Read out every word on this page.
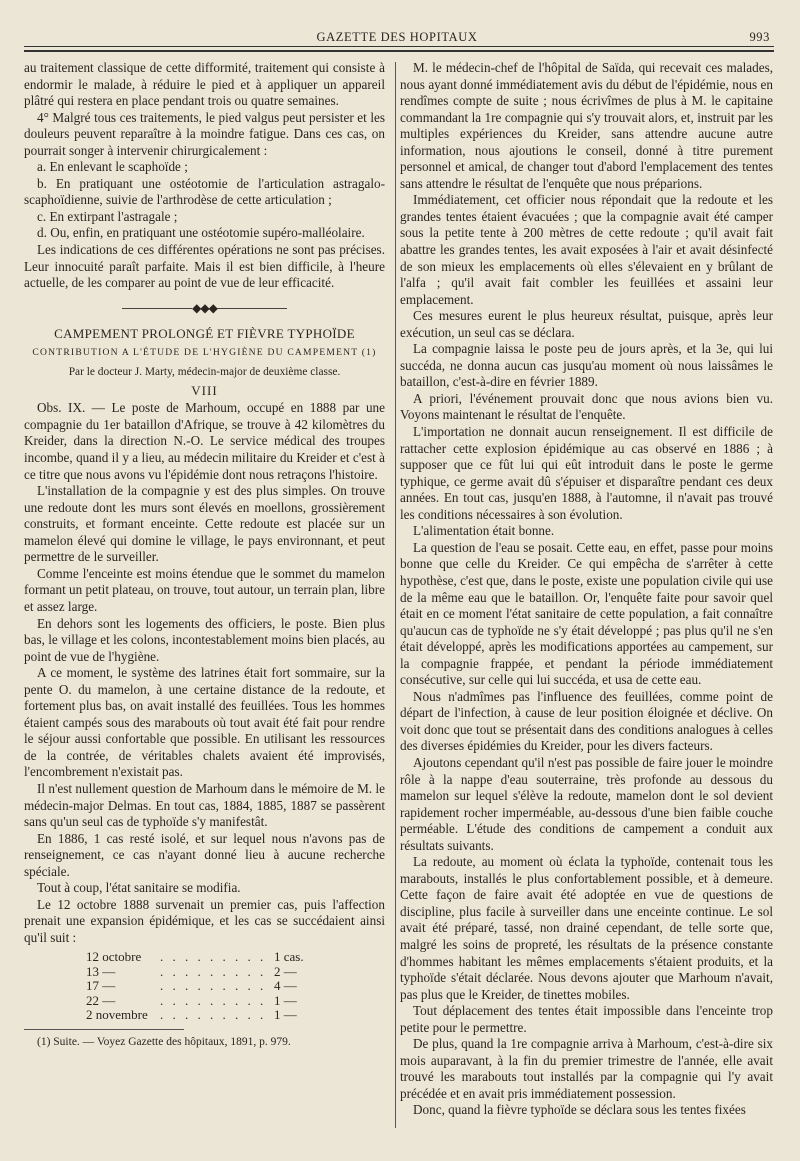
GAZETTE DES HOPITAUX	993

au traitement classique de cette difformité, traitement qui consiste à endormir le malade, à réduire le pied et à appliquer un appareil plâtré qui restera en place pendant trois ou quatre semaines.

4° Malgré tous ces traitements, le pied valgus peut persister et les douleurs peuvent reparaître à la moindre fatigue. Dans ces cas, on pourrait songer à intervenir chirurgicalement :

a. En enlevant le scaphoïde ;

b. En pratiquant une ostéotomie de l'articulation astragalo-scaphoïdienne, suivie de l'arthrodèse de cette articulation ;

c. En extirpant l'astragale ;

d. Ou, enfin, en pratiquant une ostéotomie supéro-malléolaire.

Les indications de ces différentes opérations ne sont pas précises. Leur innocuité paraît parfaite. Mais il est bien difficile, à l'heure actuelle, de les comparer au point de vue de leur efficacité.

◆◆◆
CAMPEMENT PROLONGÉ ET FIÈVRE TYPHOÏDE
CONTRIBUTION A L'ÉTUDE DE L'HYGIÈNE DU CAMPEMENT (1)
Par le docteur J. Marty, médecin-major de deuxième classe.
VIII

Obs. IX. — Le poste de Marhoum, occupé en 1888 par une compagnie du 1er bataillon d'Afrique, se trouve à 42 kilomètres du Kreider, dans la direction N.-O. Le service médical des troupes incombe, quand il y a lieu, au médecin militaire du Kreider et c'est à ce titre que nous avons vu l'épidémie dont nous retraçons l'histoire.

L'installation de la compagnie y est des plus simples. On trouve une redoute dont les murs sont élevés en moellons, grossièrement construits, et formant enceinte. Cette redoute est placée sur un mamelon élevé qui domine le village, le pays environnant, et peut permettre de le surveiller.

Comme l'enceinte est moins étendue que le sommet du mamelon formant un petit plateau, on trouve, tout autour, un terrain plan, libre et assez large.

En dehors sont les logements des officiers, le poste. Bien plus bas, le village et les colons, incontestablement moins bien placés, au point de vue de l'hygiène.

A ce moment, le système des latrines était fort sommaire, sur la pente O. du mamelon, à une certaine distance de la redoute, et fortement plus bas, on avait installé des feuillées. Tous les hommes étaient campés sous des marabouts où tout avait été fait pour rendre le séjour aussi confortable que possible. En utilisant les ressources de la contrée, de véritables chalets avaient été improvisés, l'encombrement n'existait pas.

Il n'est nullement question de Marhoum dans le mémoire de M. le médecin-major Delmas. En tout cas, 1884, 1885, 1887 se passèrent sans qu'un seul cas de typhoïde s'y manifestât.

En 1886, 1 cas resté isolé, et sur lequel nous n'avons pas de renseignement, ce cas n'ayant donné lieu à aucune recherche spéciale.

Tout à coup, l'état sanitaire se modifia.

Le 12 octobre 1888 survenait un premier cas, puis l'affection prenait une expansion épidémique, et les cas se succédaient ainsi qu'il suit :

12 octobre	. . . . . . . . .	1 cas.
13 —	. . . . . . . . .	2 —
17 —	. . . . . . . . .	4 —
22 —	. . . . . . . . .	1 —
2 novembre	. . . . . . . . .	1 —

(1) Suite. — Voyez Gazette des hôpitaux, 1891, p. 979.

M. le médecin-chef de l'hôpital de Saïda, qui recevait ces malades, nous ayant donné immédiatement avis du début de l'épidémie, nous en rendîmes compte de suite ; nous écrivîmes de plus à M. le capitaine commandant la 1re compagnie qui s'y trouvait alors, et, instruit par les multiples expériences du Kreider, sans attendre aucune autre information, nous ajoutions le conseil, donné à titre purement personnel et amical, de changer tout d'abord l'emplacement des tentes sans attendre le résultat de l'enquête que nous préparions.

Immédiatement, cet officier nous répondait que la redoute et les grandes tentes étaient évacuées ; que la compagnie avait été camper sous la petite tente à 200 mètres de cette redoute ; qu'il avait fait abattre les grandes tentes, les avait exposées à l'air et avait désinfecté de son mieux les emplacements où elles s'élevaient en y brûlant de l'alfa ; qu'il avait fait combler les feuillées et assaini leur emplacement.

Ces mesures eurent le plus heureux résultat, puisque, après leur exécution, un seul cas se déclara.

La compagnie laissa le poste peu de jours après, et la 3e, qui lui succéda, ne donna aucun cas jusqu'au moment où nous laissâmes le bataillon, c'est-à-dire en février 1889.

A priori, l'événement prouvait donc que nous avions bien vu. Voyons maintenant le résultat de l'enquête.

L'importation ne donnait aucun renseignement. Il est difficile de rattacher cette explosion épidémique au cas observé en 1886 ; à supposer que ce fût lui qui eût introduit dans le poste le germe typhique, ce germe avait dû s'épuiser et disparaître pendant ces deux années. En tout cas, jusqu'en 1888, à l'automne, il n'avait pas trouvé les conditions nécessaires à son évolution.

L'alimentation était bonne.

La question de l'eau se posait. Cette eau, en effet, passe pour moins bonne que celle du Kreider. Ce qui empêcha de s'arrêter à cette hypothèse, c'est que, dans le poste, existe une population civile qui use de la même eau que le bataillon. Or, l'enquête faite pour savoir quel était en ce moment l'état sanitaire de cette population, a fait connaître qu'aucun cas de typhoïde ne s'y était développé ; pas plus qu'il ne s'en était développé, après les modifications apportées au campement, sur la compagnie frappée, et pendant la période immédiatement consécutive, sur celle qui lui succéda, et usa de cette eau.

Nous n'admîmes pas l'influence des feuillées, comme point de départ de l'infection, à cause de leur position éloignée et déclive. On voit donc que tout se présentait dans des conditions analogues à celles des diverses épidémies du Kreider, pour les divers facteurs.

Ajoutons cependant qu'il n'est pas possible de faire jouer le moindre rôle à la nappe d'eau souterraine, très profonde au dessous du mamelon sur lequel s'élève la redoute, mamelon dont le sol devient rapidement rocher imperméable, au-dessous d'une bien faible couche perméable. L'étude des conditions de campement a conduit aux résultats suivants.

La redoute, au moment où éclata la typhoïde, contenait tous les marabouts, installés le plus confortablement possible, et à demeure. Cette façon de faire avait été adoptée en vue de questions de discipline, plus facile à surveiller dans une enceinte continue. Le sol avait été préparé, tassé, non drainé cependant, de telle sorte que, malgré les soins de propreté, les résultats de la présence constante d'hommes habitant les mêmes emplacements s'étaient produits, et la typhoïde s'était déclarée. Nous devons ajouter que Marhoum n'avait, pas plus que le Kreider, de tinettes mobiles.

Tout déplacement des tentes était impossible dans l'enceinte trop petite pour le permettre.

De plus, quand la 1re compagnie arriva à Marhoum, c'est-à-dire six mois auparavant, à la fin du premier trimestre de l'année, elle avait trouvé les marabouts tout installés par la compagnie qui l'y avait précédée et en avait pris immédiatement possession.

Donc, quand la fièvre typhoïde se déclara sous les tentes fixées
